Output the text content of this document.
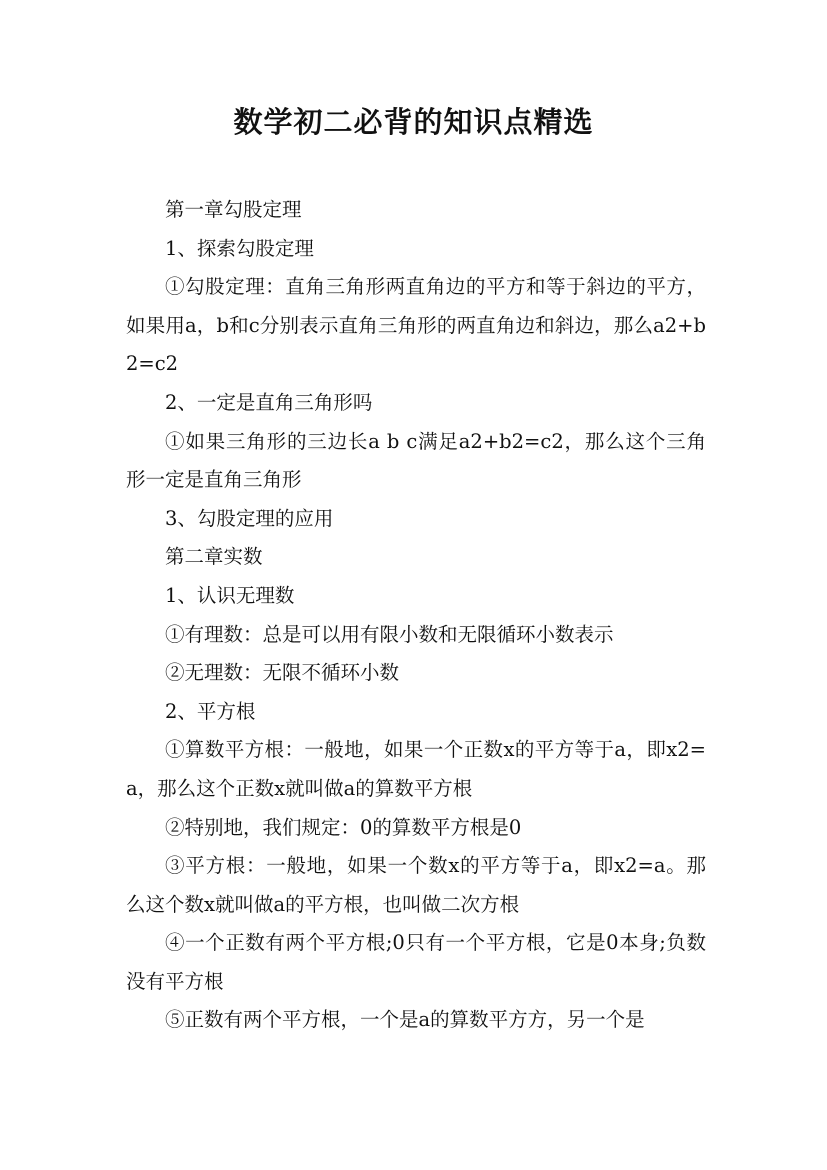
数学初二必背的知识点精选

第一章勾股定理

1、探索勾股定理

①勾股定理：直角三角形两直角边的平方和等于斜边的平方，如果用a，b和c分别表示直角三角形的两直角边和斜边，那么a2+b2=c2

2、一定是直角三角形吗

①如果三角形的三边长a b c满足a2+b2=c2，那么这个三角形一定是直角三角形

3、勾股定理的应用

第二章实数

1、认识无理数

①有理数：总是可以用有限小数和无限循环小数表示

②无理数：无限不循环小数

2、平方根

①算数平方根：一般地，如果一个正数x的平方等于a，即x2=a，那么这个正数x就叫做a的算数平方根

②特别地，我们规定：0的算数平方根是0

③平方根：一般地，如果一个数x的平方等于a，即x2=a。那么这个数x就叫做a的平方根，也叫做二次方根

④一个正数有两个平方根;0只有一个平方根，它是0本身;负数没有平方根

⑤正数有两个平方根，一个是a的算数平方方，另一个是
